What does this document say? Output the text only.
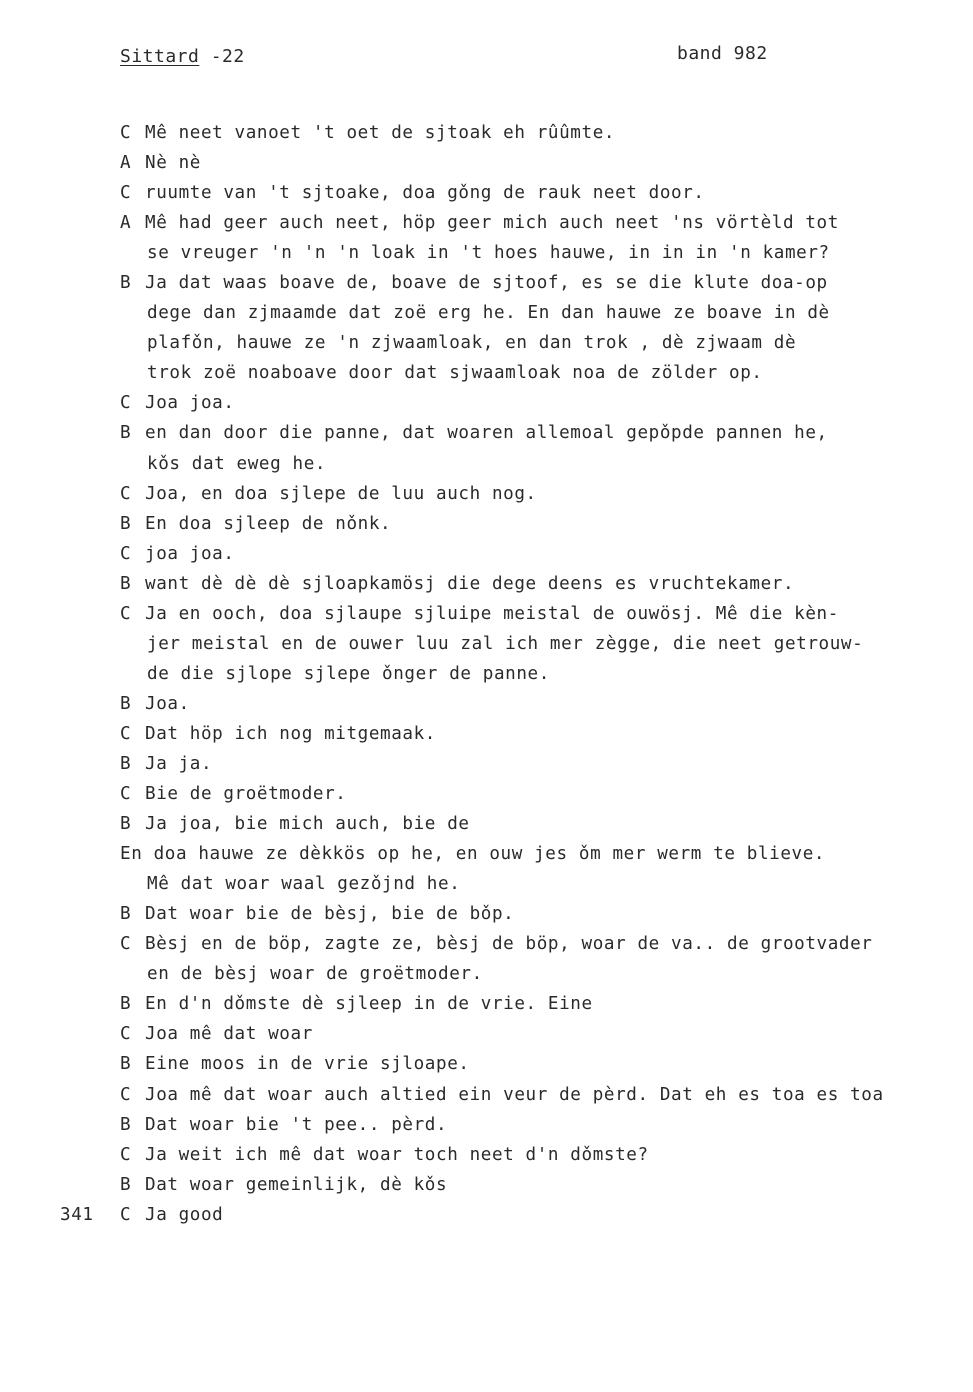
Sittard -22	band 982
C Mê neet vanoet 't oet de sjtoak eh rûûmte.
A Nè nè
C ruumte van 't sjtoake, doa gǒng de rauk neet door.
A Mê had geer auch neet, höp geer mich auch neet 'ns vörtèld tot
se vreuger 'n 'n 'n loak in 't hoes hauwe, in in in 'n kamer?
B Ja dat waas boave de, boave de sjtoof, es se die klute doa-op
dege dan zjmaamde dat zoë erg he. En dan hauwe ze boave in dè
plafǒn, hauwe ze 'n zjwaamloak, en dan trok , dè zjwaam dè
trok zoë noaboave door dat sjwaamloak noa de zölder op.
C Joa joa.
B en dan door die panne, dat woaren allemoal gepǒpde pannen he,
kǒs dat eweg he.
C Joa, en doa sjlepe de luu auch nog.
B En doa sjleep de nǒnk.
C joa joa.
B want dè dè dè sjloapkamösj die dege deens es vruchtekamer.
C Ja en ooch, doa sjlaupe sjluipe meistal de ouwösj. Mê die kèn-
jer meistal en de ouwer luu zal ich mer zègge, die neet getrouw-
de die sjlope sjlepe ǒnger de panne.
B Joa.
C Dat höp ich nog mitgemaak.
B Ja ja.
C Bie de groëtmoder.
B Ja joa, bie mich auch, bie de
En doa hauwe ze dèkkös op he, en ouw jes ǒm mer werm te blieve.
Mê dat woar waal gezǒjnd he.
B Dat woar bie de bèsj, bie de bǒp.
C Bèsj en de böp, zagte ze, bèsj de böp, woar de va.. de grootvader
en de bèsj woar de groëtmoder.
B En d'n dǒmste dè sjleep in de vrie. Eine
C Joa mê dat woar
B Eine moos in de vrie sjloape.
C Joa mê dat woar auch altied ein veur de pèrd. Dat eh es toa es toa
B Dat woar bie 't pee.. pèrd.
C Ja weit ich mê dat woar toch neet d'n dǒmste?
B Dat woar gemeinlijk, dè kǒs
341 C Ja good
